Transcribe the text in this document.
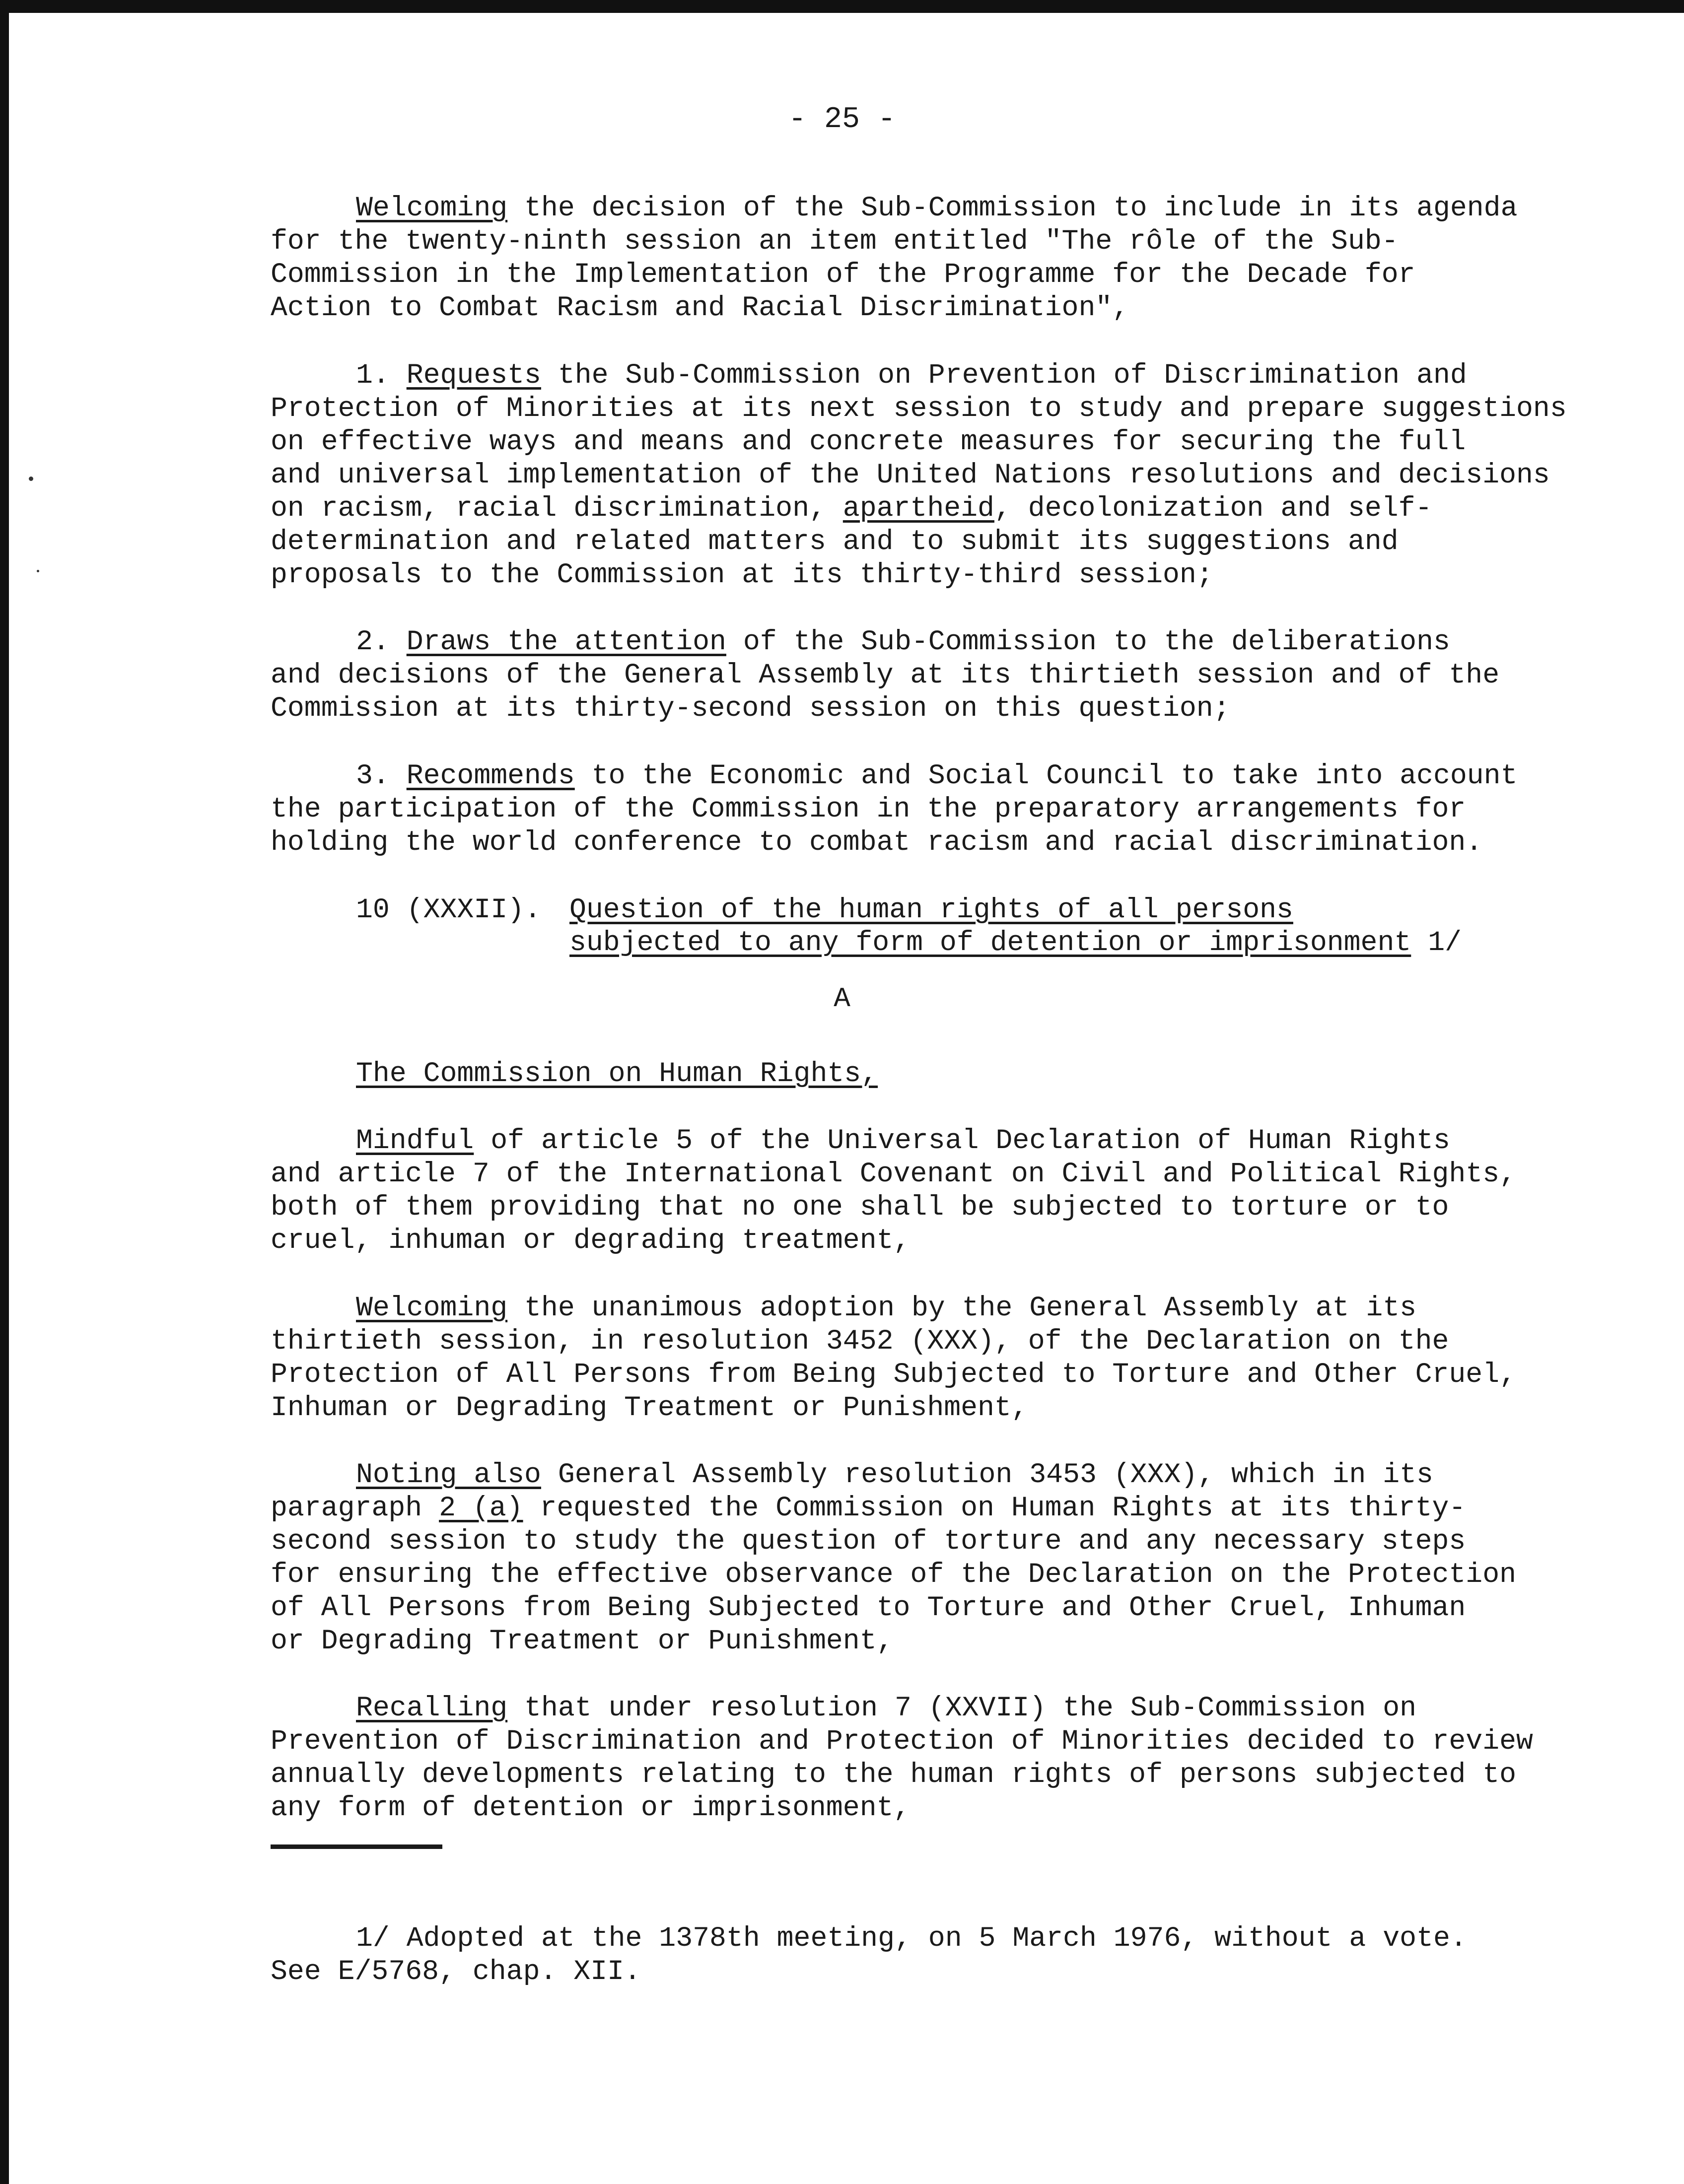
- 25 -
Welcoming the decision of the Sub-Commission to include in its agenda
for the twenty-ninth session an item entitled "The rôle of the Sub-
Commission in the Implementation of the Programme for the Decade for
Action to Combat Racism and Racial Discrimination",
1. Requests the Sub-Commission on Prevention of Discrimination and
Protection of Minorities at its next session to study and prepare suggestions
on effective ways and means and concrete measures for securing the full
and universal implementation of the United Nations resolutions and decisions
on racism, racial discrimination, apartheid, decolonization and self-
determination and related matters and to submit its suggestions and
proposals to the Commission at its thirty-third session;
2. Draws the attention of the Sub-Commission to the deliberations
and decisions of the General Assembly at its thirtieth session and of the
Commission at its thirty-second session on this question;
3. Recommends to the Economic and Social Council to take into account
the participation of the Commission in the preparatory arrangements for
holding the world conference to combat racism and racial discrimination.
10 (XXXII). Question of the human rights of all persons
subjected to any form of detention or imprisonment 1/
A
The Commission on Human Rights,
Mindful of article 5 of the Universal Declaration of Human Rights
and article 7 of the International Covenant on Civil and Political Rights,
both of them providing that no one shall be subjected to torture or to
cruel, inhuman or degrading treatment,
Welcoming the unanimous adoption by the General Assembly at its
thirtieth session, in resolution 3452 (XXX), of the Declaration on the
Protection of All Persons from Being Subjected to Torture and Other Cruel,
Inhuman or Degrading Treatment or Punishment,
Noting also General Assembly resolution 3453 (XXX), which in its
paragraph 2 (a) requested the Commission on Human Rights at its thirty-
second session to study the question of torture and any necessary steps
for ensuring the effective observance of the Declaration on the Protection
of All Persons from Being Subjected to Torture and Other Cruel, Inhuman
or Degrading Treatment or Punishment,
Recalling that under resolution 7 (XXVII) the Sub-Commission on
Prevention of Discrimination and Protection of Minorities decided to review
annually developments relating to the human rights of persons subjected to
any form of detention or imprisonment,
1/ Adopted at the 1378th meeting, on 5 March 1976, without a vote.
See E/5768, chap. XII.
